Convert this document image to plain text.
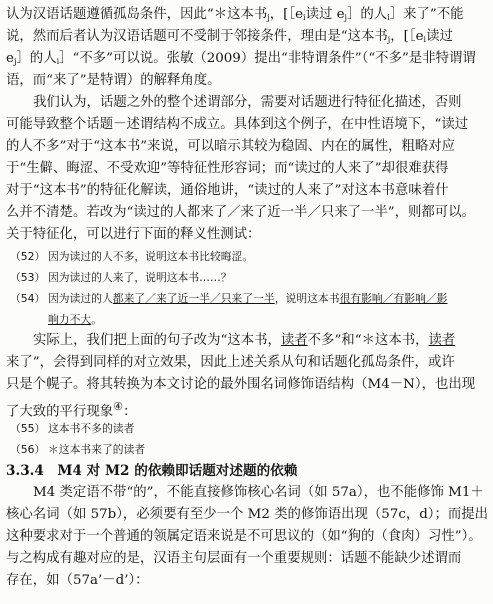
认为汉语话题遵循孤岛条件，因此“＊这本书$_j$，[$[e_i$读过 $e_j]$的人$_i$］来了”不能
说，然而后者认为汉语话题可不受制于邻接条件，理由是“这本书$_j$，[$[e_i$读过
$e_j]$的人$_i$］“不多”可以说。张敏（2009）提出“非特谓条件”（“不多”是非特谓谓
语，而“来了”是特谓）的解释角度。
我们认为，话题之外的整个述谓部分，需要对话题进行特征化描述，否则
可能导致整个话题－述谓结构不成立。具体到这个例子，在中性语境下，“读过
的人不多”对于“这本书”来说，可以暗示其较为稳固、内在的属性，粗略对应
于“生僻、晦涩、不受欢迎”等特征性形容词；而“读过的人来了”却很难获得
对于“这本书”的特征化解读，通俗地讲，“读过的人来了”对这本书意味着什
么并不清楚。若改为“读过的人都来了／来了近一半／只来了一半”，则都可以。
关于特征化，可以进行下面的释义性测试：
（52） 因为读过的人不多，说明这本书比较晦涩。
（53） 因为读过的人来了，说明这本书……？
（54） 因为读过的人都来了／来了近一半／只来了一半，说明这本书很有影响／有影响／影
响力不大。
实际上，我们把上面的句子改为“这本书，读者不多”和“＊这本书，读者
来了”，会得到同样的对立效果，因此上述关系从句和话题化孤岛条件，或许
只是个幌子。将其转换为本文讨论的最外围名词修饰语结构（M4－N），也出现
了大致的平行现象④：
（55） 这本书不多的读者
（56） ＊这本书来了的读者
3.3.4　M4 对 M2 的依赖即话题对述题的依赖
M4 类定语不带“的”，不能直接修饰核心名词（如 57a），也不能修饰 M1＋
核心名词（如 57b），必须要有至少一个 M2 类的修饰语出现（57c，d）；而提出
这种要求对于一个普通的领属定语来说是不可思议的（如“狗的（食肉）习性”）。
与之构成有趣对应的是，汉语主句层面有一个重要规则：话题不能缺少述谓而
存在，如（57a’－d’）：
